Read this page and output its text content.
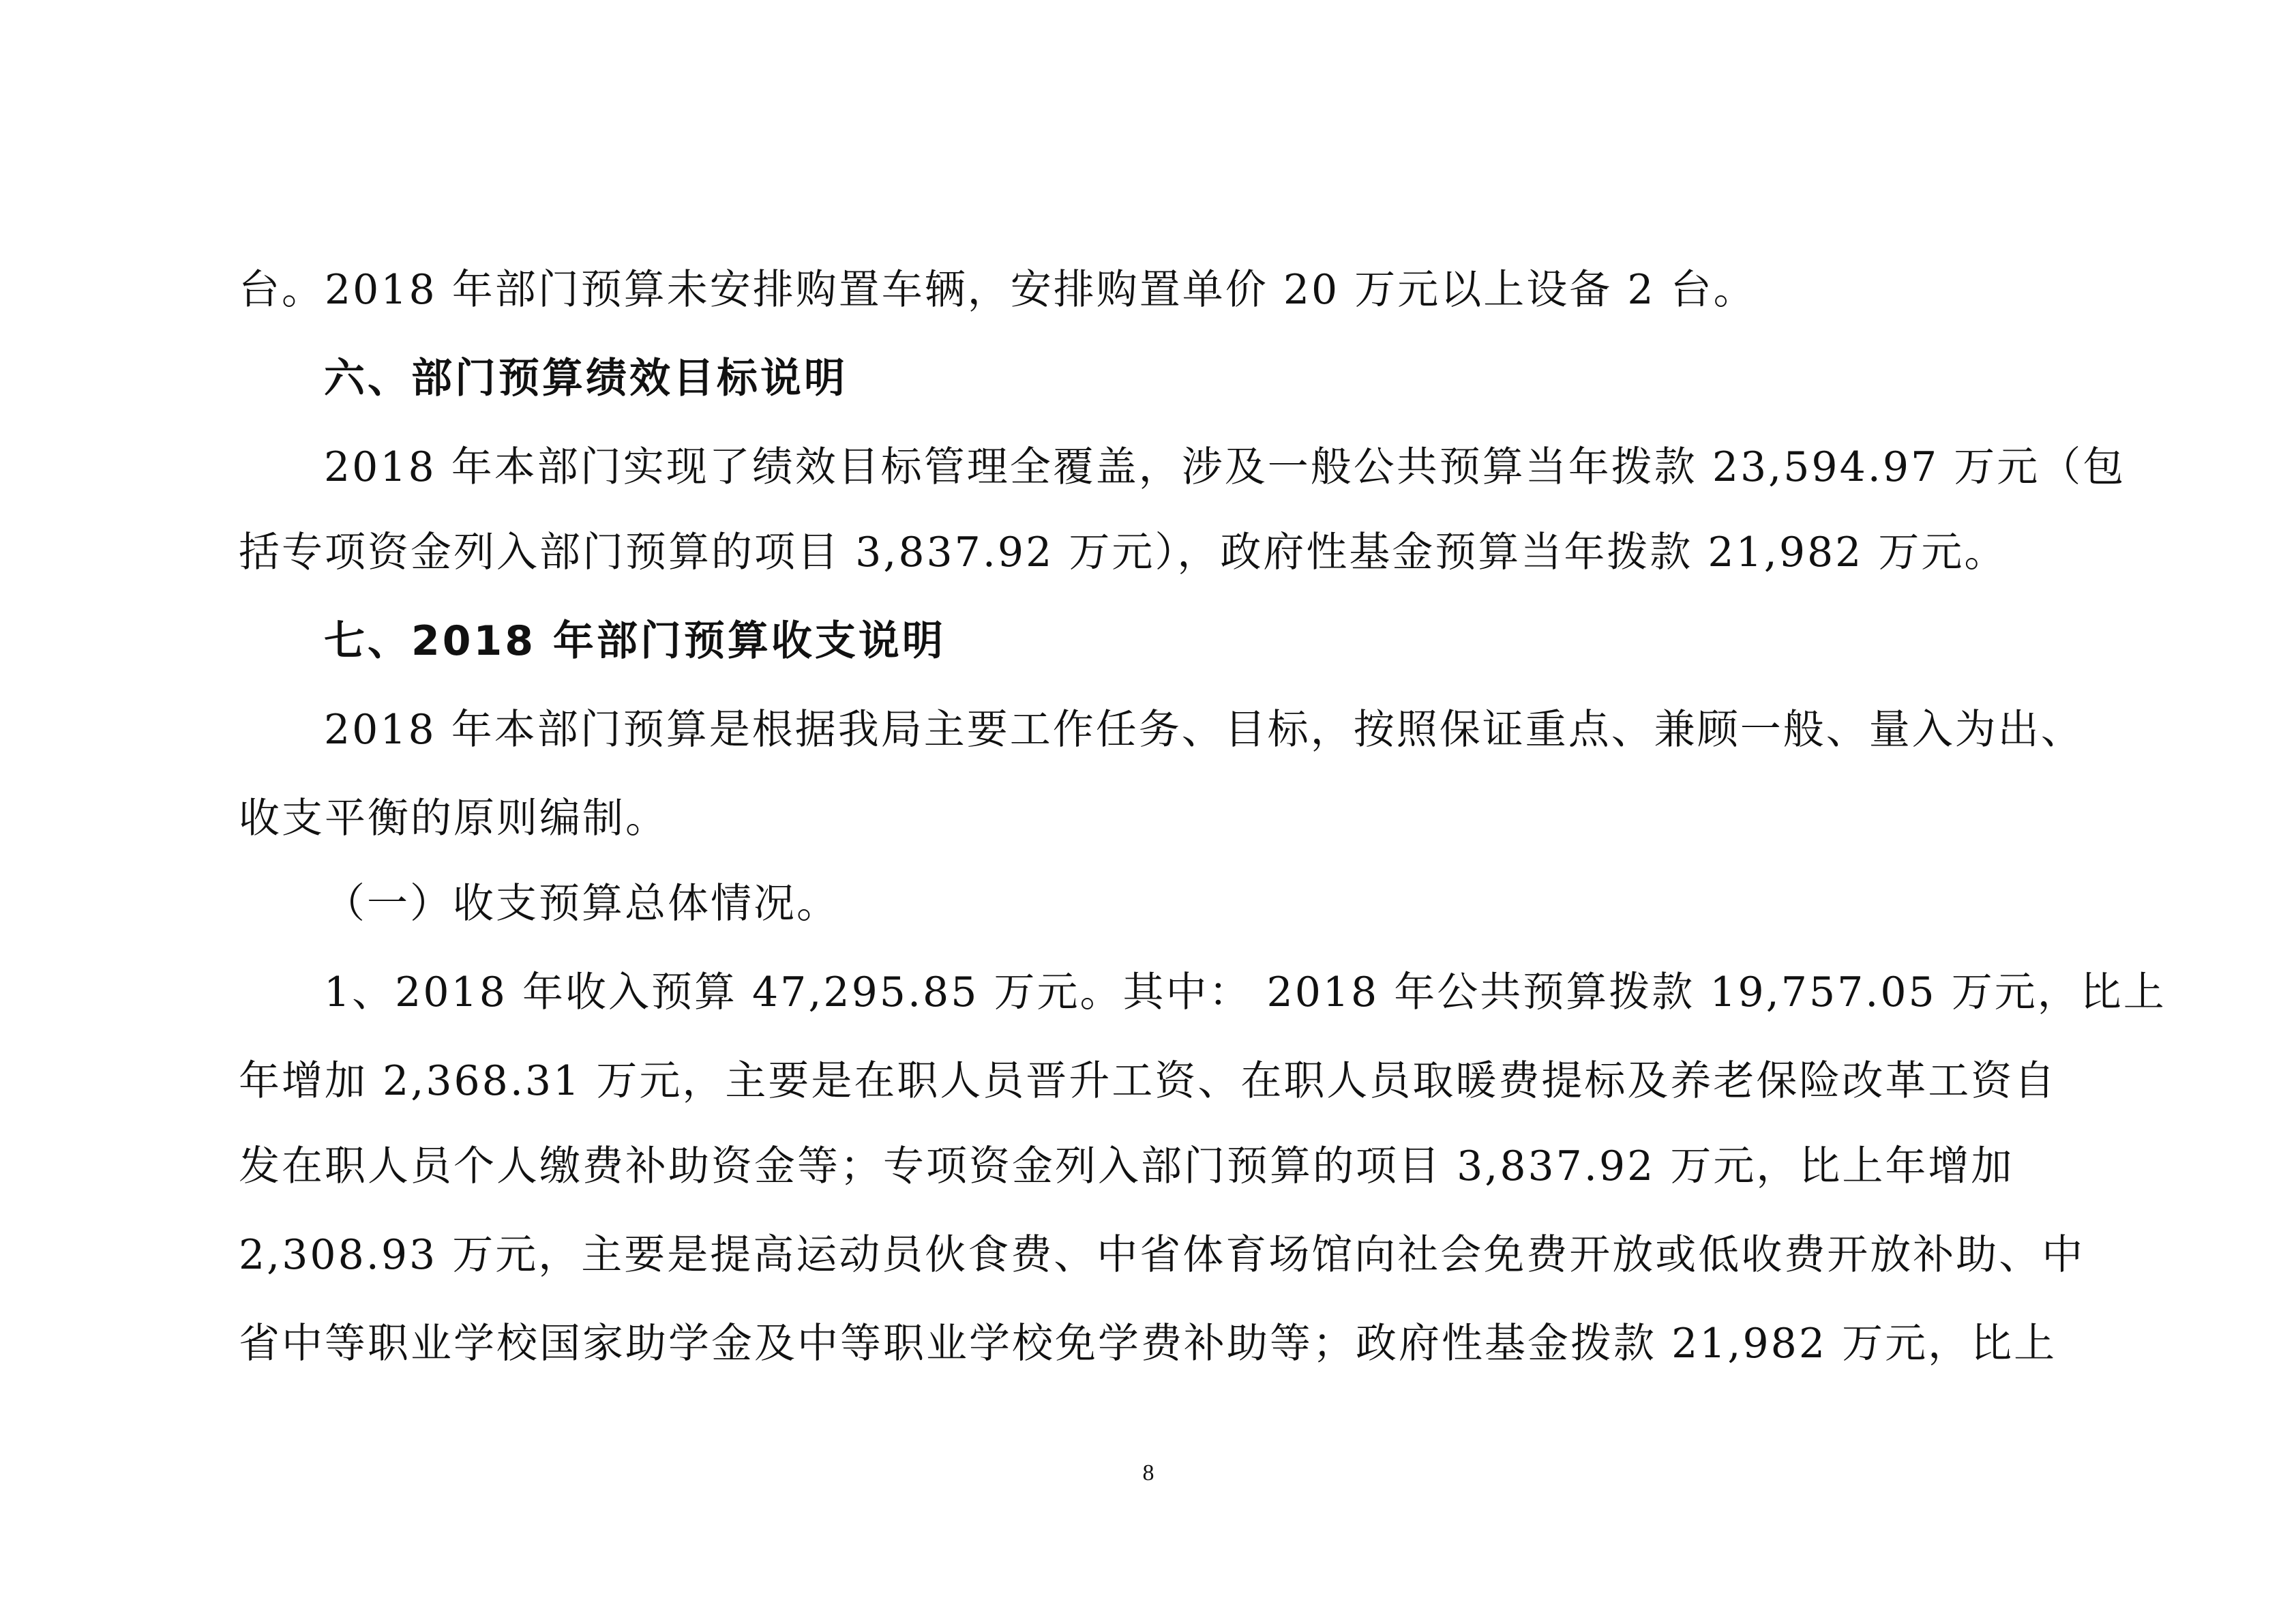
台。2018 年部门预算未安排购置车辆，安排购置单价 20 万元以上设备 2 台。
六、部门预算绩效目标说明
2018 年本部门实现了绩效目标管理全覆盖，涉及一般公共预算当年拨款 23,594.97 万元（包
括专项资金列入部门预算的项目 3,837.92 万元），政府性基金预算当年拨款 21,982 万元。
七、2018 年部门预算收支说明
2018 年本部门预算是根据我局主要工作任务、目标，按照保证重点、兼顾一般、量入为出、
收支平衡的原则编制。
（一）收支预算总体情况。
1、2018 年收入预算 47,295.85 万元。其中： 2018 年公共预算拨款 19,757.05 万元，比上
年增加 2,368.31 万元，主要是在职人员晋升工资、在职人员取暖费提标及养老保险改革工资自
发在职人员个人缴费补助资金等；专项资金列入部门预算的项目 3,837.92 万元，比上年增加
2,308.93 万元，主要是提高运动员伙食费、中省体育场馆向社会免费开放或低收费开放补助、中
省中等职业学校国家助学金及中等职业学校免学费补助等；政府性基金拨款 21,982 万元，比上
8
